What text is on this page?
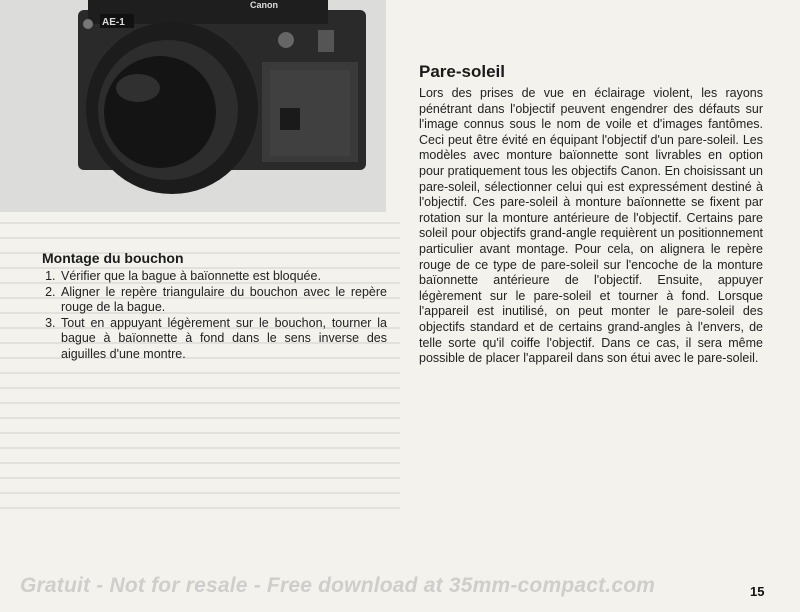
AE-1
Canon
Montage du bouchon
1. Vérifier que la bague à baïonnette est bloquée.
2. Aligner le repère triangulaire du bouchon avec le repère rouge de la bague.
3. Tout en appuyant légèrement sur le bouchon, tourner la bague à baïonnette à fond dans le sens inverse des aiguilles d'une montre.
Pare-soleil

Lors des prises de vue en éclairage violent, les rayons pénétrant dans l'objectif peuvent engendrer des défauts sur l'image connus sous le nom de voile et d'images fantômes. Ceci peut être évité en équipant l'objectif d'un pare-soleil. Les modèles avec monture baïonnette sont livrables en option pour pratiquement tous les objectifs Canon. En choisissant un pare-soleil, sélectionner celui qui est expressément destiné à l'objectif. Ces pare-soleil à monture baïonnette se fixent par rotation sur la monture antérieure de l'objectif. Certains pare soleil pour objectifs grand-angle requièrent un positionnement particulier avant montage. Pour cela, on alignera le repère rouge de ce type de pare-soleil sur l'encoche de la monture baïonnette antérieure de l'objectif. Ensuite, appuyer légèrement sur le pare-soleil et tourner à fond. Lorsque l'appareil est inutilisé, on peut monter le pare-soleil des objectifs standard et de certains grand-angles à l'envers, de telle sorte qu'il coiffe l'objectif. Dans ce cas, il sera même possible de placer l'appareil dans son étui avec le pare-soleil.

Gratuit - Not for resale - Free download at 35mm-compact.com	15
